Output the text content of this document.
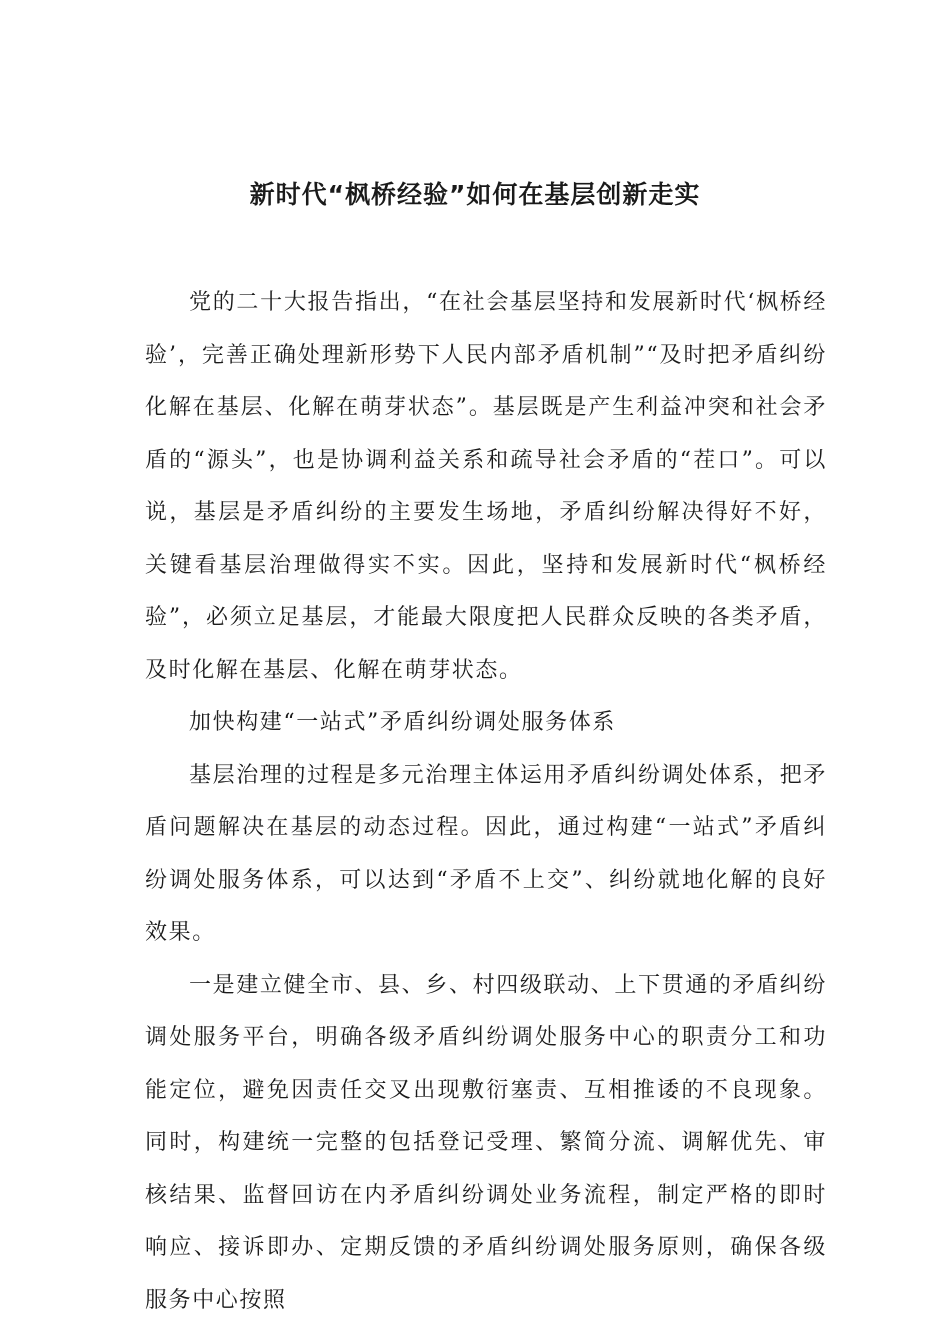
新时代“枫桥经验”如何在基层创新走实

党的二十大报告指出，“在社会基层坚持和发展新时代‘枫桥经验’，完善正确处理新形势下人民内部矛盾机制”“及时把矛盾纠纷化解在基层、化解在萌芽状态”。基层既是产生利益冲突和社会矛盾的“源头”，也是协调利益关系和疏导社会矛盾的“茬口”。可以说，基层是矛盾纠纷的主要发生场地，矛盾纠纷解决得好不好，关键看基层治理做得实不实。因此，坚持和发展新时代“枫桥经验”，必须立足基层，才能最大限度把人民群众反映的各类矛盾，及时化解在基层、化解在萌芽状态。

加快构建“一站式”矛盾纠纷调处服务体系

基层治理的过程是多元治理主体运用矛盾纠纷调处体系，把矛盾问题解决在基层的动态过程。因此，通过构建“一站式”矛盾纠纷调处服务体系，可以达到“矛盾不上交”、纠纷就地化解的良好效果。

一是建立健全市、县、乡、村四级联动、上下贯通的矛盾纠纷调处服务平台，明确各级矛盾纠纷调处服务中心的职责分工和功能定位，避免因责任交叉出现敷衍塞责、互相推诿的不良现象。同时，构建统一完整的包括登记受理、繁简分流、调解优先、审核结果、监督回访在内矛盾纠纷调处业务流程，制定严格的即时响应、接诉即办、定期反馈的矛盾纠纷调处服务原则，确保各级服务中心按照
